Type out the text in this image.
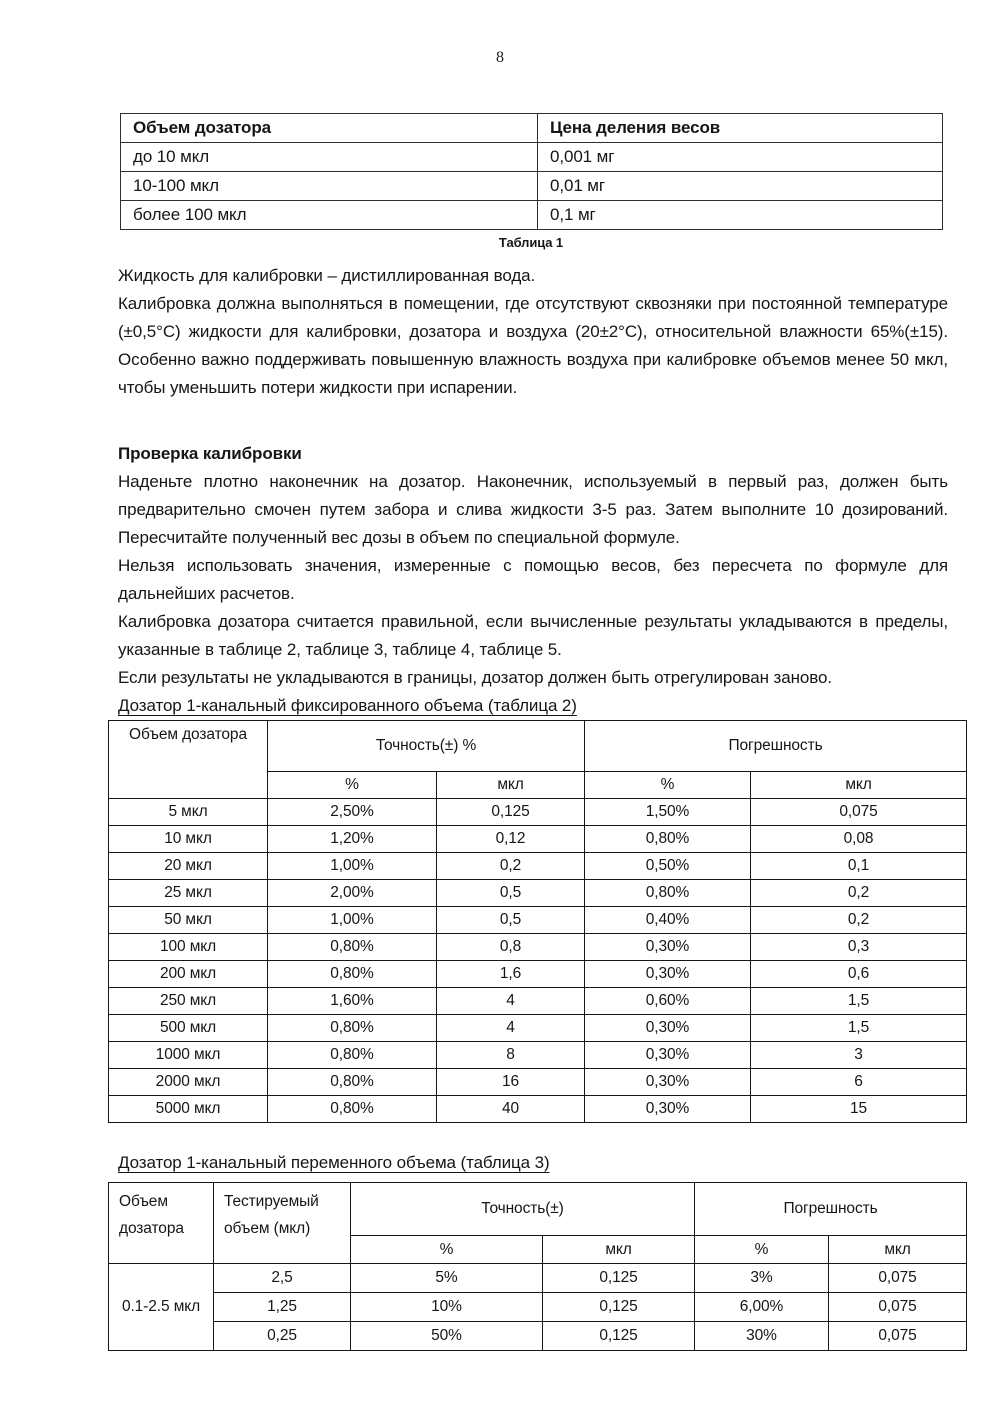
8
Объем дозатора	Цена деления весов
до 10 мкл	0,001 мг
10-100 мкл	0,01 мг
более 100 мкл	0,1 мг
Таблица 1

Жидкость для калибровки – дистиллированная вода.

Калибровка должна выполняться в помещении, где отсутствуют сквозняки при постоянной температуре (±0,5°C) жидкости для калибровки, дозатора и воздуха (20±2°C), относительной влажности 65%(±15). Особенно важно поддерживать повышенную влажность воздуха при калибровке объемов менее 50 мкл, чтобы уменьшить потери жидкости при испарении.

Проверка калибровки

Наденьте плотно наконечник на дозатор. Наконечник, используемый в первый раз, должен быть предварительно смочен путем забора и слива жидкости 3-5 раз. Затем выполните 10 дозирований. Пересчитайте полученный вес дозы в объем по специальной формуле.

Нельзя использовать значения, измеренные с помощью весов, без пересчета по формуле для дальнейших расчетов.

Калибровка дозатора считается правильной, если вычисленные результаты укладываются в пределы, указанные в таблице 2, таблице 3, таблице 4, таблице 5.

Если результаты не укладываются в границы, дозатор должен быть отрегулирован заново.

Дозатор 1-канальный фиксированного объема (таблица 2)

Объем дозатора	Точность(±) %		Погрешность	
	%	мкл	%	мкл
5 мкл	2,50%	0,125	1,50%	0,075
10 мкл	1,20%	0,12	0,80%	0,08
20 мкл	1,00%	0,2	0,50%	0,1
25 мкл	2,00%	0,5	0,80%	0,2
50 мкл	1,00%	0,5	0,40%	0,2
100 мкл	0,80%	0,8	0,30%	0,3
200 мкл	0,80%	1,6	0,30%	0,6
250 мкл	1,60%	4	0,60%	1,5
500 мкл	0,80%	4	0,30%	1,5
1000 мкл	0,80%	8	0,30%	3
2000 мкл	0,80%	16	0,30%	6
5000 мкл	0,80%	40	0,30%	15

Дозатор 1-канальный переменного объема (таблица 3)

Объем дозатора	Тестируемый объем (мкл)	Точность(±)		Погрешность	
		%	мкл	%	мкл
0.1-2.5 мкл	2,5	5%	0,125	3%	0,075
	1,25	10%	0,125	6,00%	0,075
	0,25	50%	0,125	30%	0,075
